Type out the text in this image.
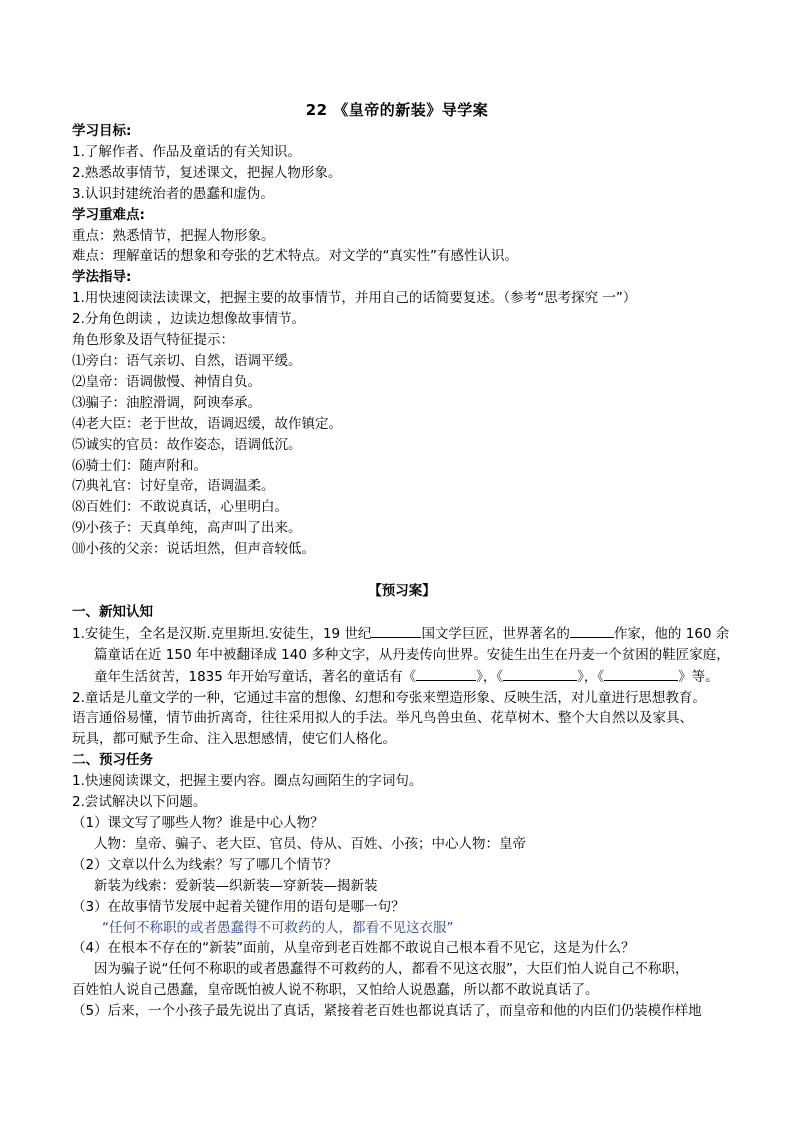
22 《皇帝的新装》导学案

学习目标:

1.了解作者、作品及童话的有关知识。

2.熟悉故事情节，复述课文，把握人物形象。

3.认识封建统治者的愚蠢和虚伪。

学习重难点:

重点：熟悉情节，把握人物形象。

难点：理解童话的想象和夸张的艺术特点。对文学的“真实性”有感性认识。

学法指导:

1.用快速阅读法读课文，把握主要的故事情节，并用自己的话简要复述。（参考“思考探究 一”）

2.分角色朗读 ，边读边想像故事情节。

角色形象及语气特征提示：

⑴旁白：语气亲切、自然，语调平缓。

⑵皇帝：语调傲慢、神情自负。

⑶骗子：油腔滑调，阿谀奉承。

⑷老大臣：老于世故，语调迟缓，故作镇定。

⑸诚实的官员：故作姿态，语调低沉。

⑹骑士们：随声附和。

⑺典礼官：讨好皇帝，语调温柔。

⑻百姓们：不敢说真话，心里明白。

⑼小孩子：天真单纯，高声叫了出来。

⑽小孩的父亲：说话坦然，但声音较低。

【预习案】

一、新知认知

1.安徒生，全名是汉斯.克里斯坦.安徒生，19 世纪	国文学巨匠，世界著名的	作家，他的 160 余

篇童话在近 150 年中被翻译成 140 多种文字，从丹麦传向世界。安徒生出生在丹麦一个贫困的鞋匠家庭，

童年生活贫苦，1835 年开始写童话，著名的童话有《	》，《	》，《	》等。

2.童话是儿童文学的一种，它通过丰富的想像、幻想和夸张来塑造形象、反映生活，对儿童进行思想教育。

语言通俗易懂，情节曲折离奇，往往采用拟人的手法。举凡鸟兽虫鱼、花草树木、整个大自然以及家具、

玩具，都可赋予生命、注入思想感情，使它们人格化。

二、预习任务

1.快速阅读课文，把握主要内容。圈点勾画陌生的字词句。

2.尝试解决以下问题。

（1）课文写了哪些人物？谁是中心人物？

人物：皇帝、骗子、老大臣、官员、侍从、百姓、小孩；中心人物：皇帝

（2）文章以什么为线索？写了哪几个情节？

新装为线索：爱新装—织新装—穿新装—揭新装

（3）在故事情节发展中起着关键作用的语句是哪一句？

“任何不称职的或者愚蠢得不可救药的人，都看不见这衣服”

（4）在根本不存在的“新装”面前，从皇帝到老百姓都不敢说自己根本看不见它，这是为什么？

因为骗子说“任何不称职的或者愚蠢得不可救药的人，都看不见这衣服”，大臣们怕人说自己不称职，

百姓怕人说自己愚蠢，皇帝既怕被人说不称职，又怕给人说愚蠢，所以都不敢说真话了。

（5）后来，一个小孩子最先说出了真话，紧接着老百姓也都说真话了，而皇帝和他的内臣们仍装模作样地
